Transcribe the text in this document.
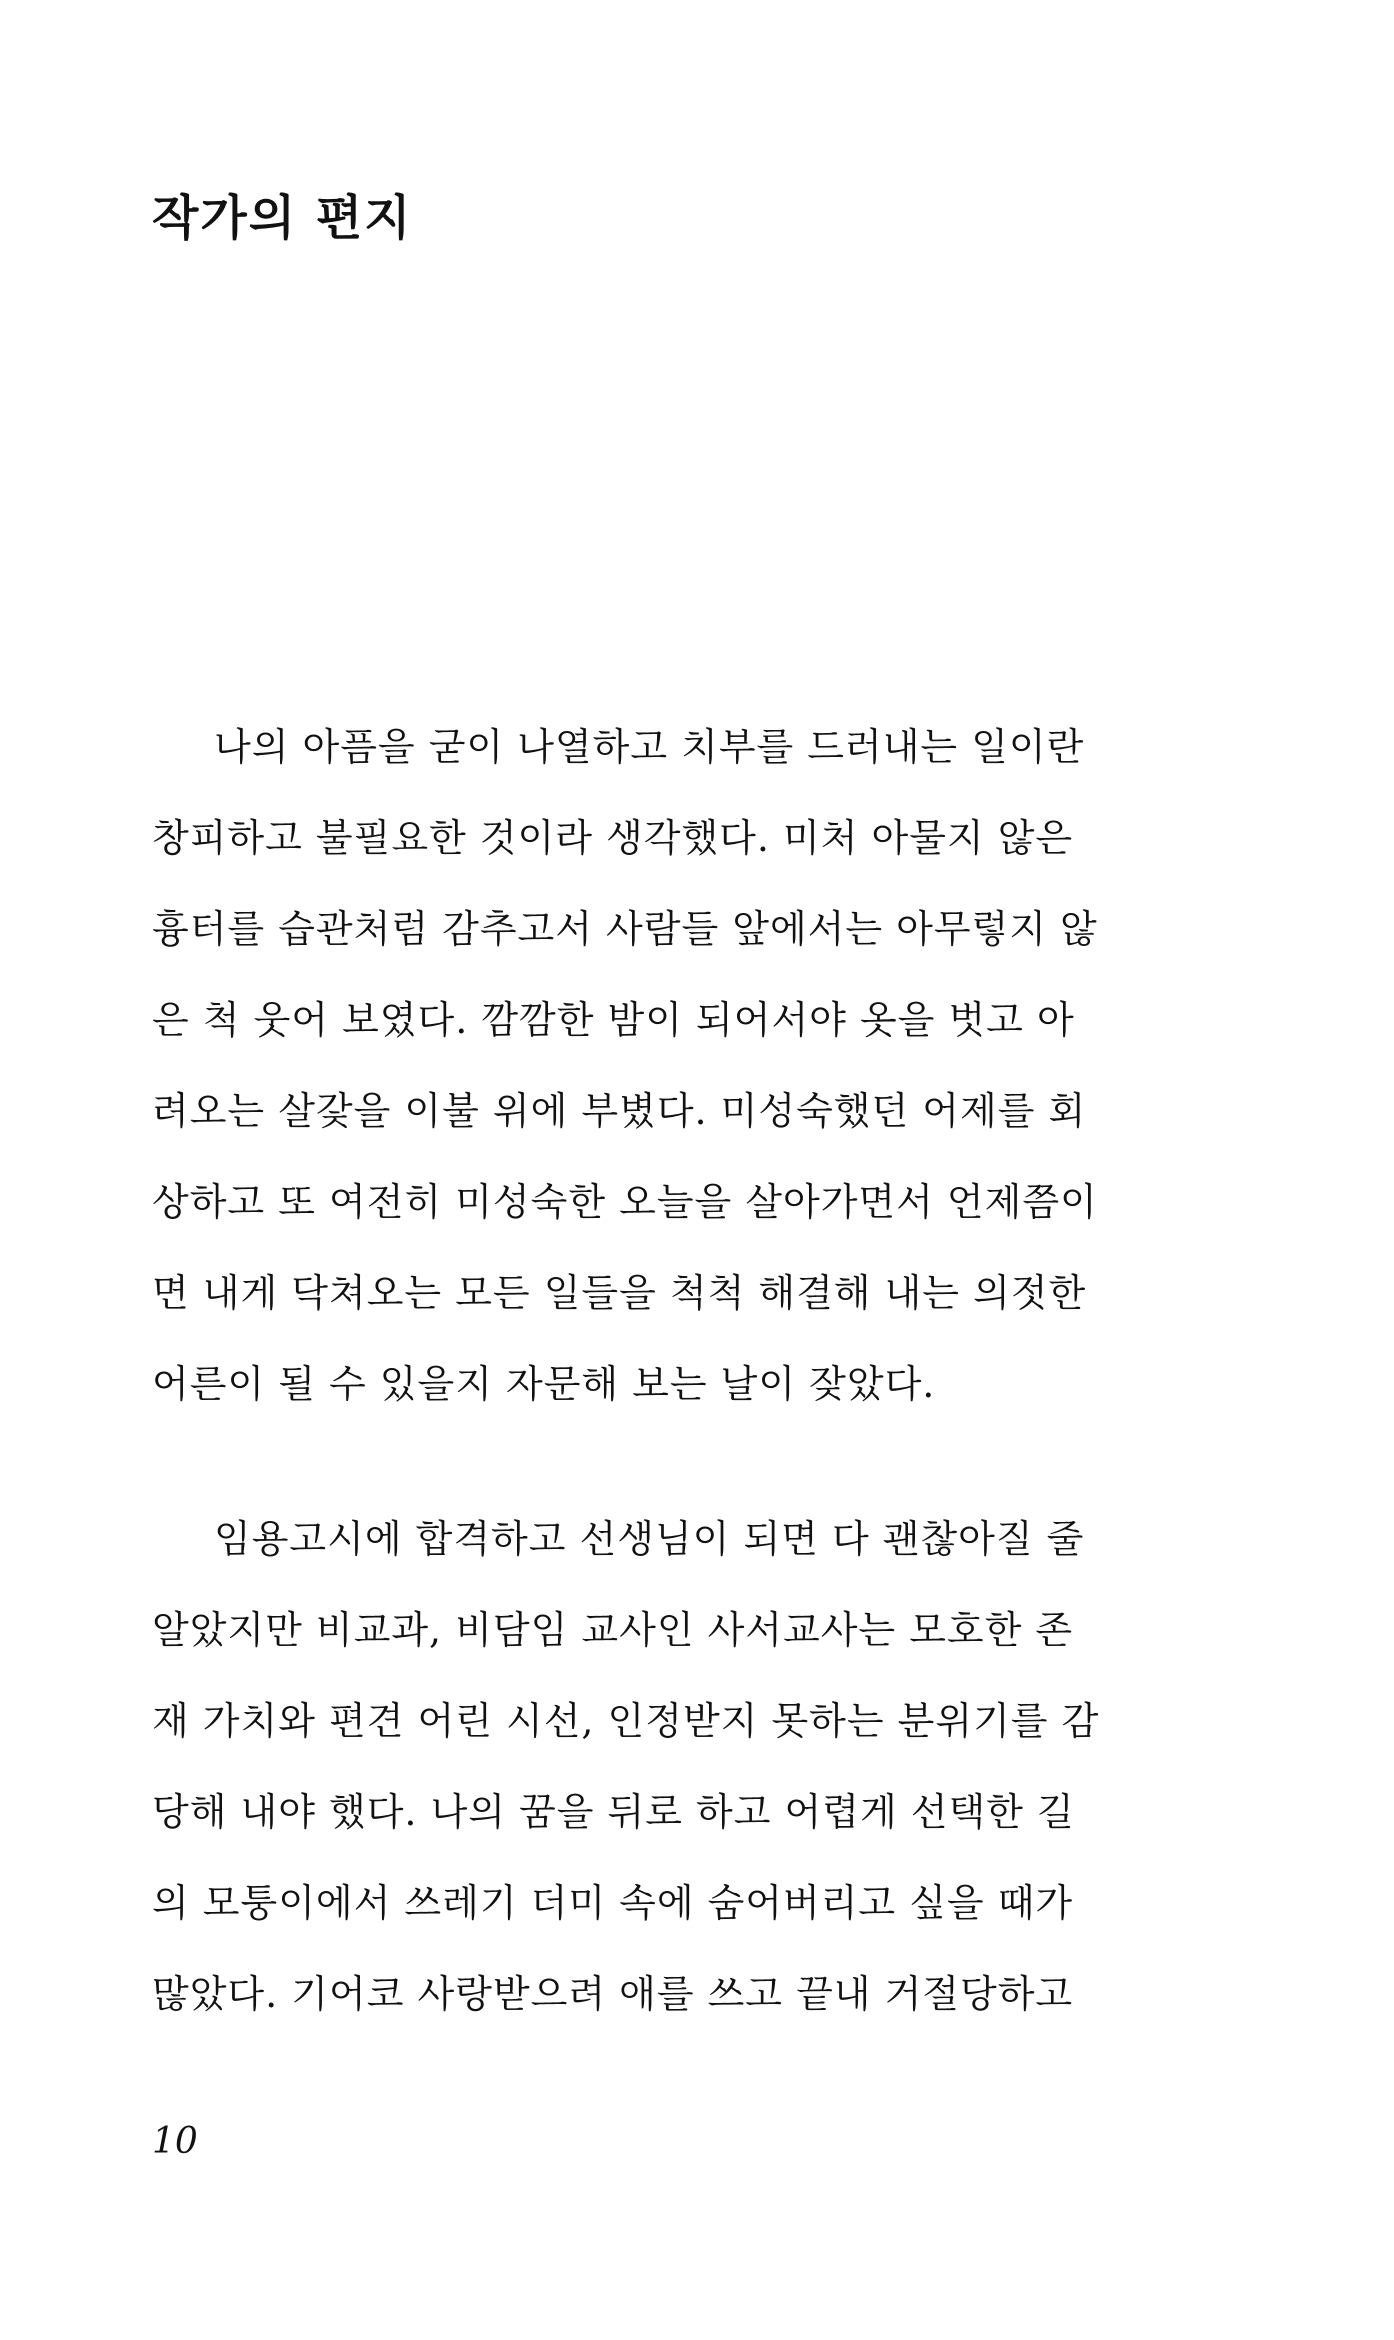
작가의 편지
나의 아픔을 굳이 나열하고 치부를 드러내는 일이란
창피하고 불필요한 것이라 생각했다. 미처 아물지 않은
흉터를 습관처럼 감추고서 사람들 앞에서는 아무렇지 않
은 척 웃어 보였다. 깜깜한 밤이 되어서야 옷을 벗고 아
려오는 살갗을 이불 위에 부볐다. 미성숙했던 어제를 회
상하고 또 여전히 미성숙한 오늘을 살아가면서 언제쯤이
면 내게 닥쳐오는 모든 일들을 척척 해결해 내는 의젓한
어른이 될 수 있을지 자문해 보는 날이 잦았다.
임용고시에 합격하고 선생님이 되면 다 괜찮아질 줄
알았지만 비교과, 비담임 교사인 사서교사는 모호한 존
재 가치와 편견 어린 시선, 인정받지 못하는 분위기를 감
당해 내야 했다. 나의 꿈을 뒤로 하고 어렵게 선택한 길
의 모퉁이에서 쓰레기 더미 속에 숨어버리고 싶을 때가
많았다. 기어코 사랑받으려 애를 쓰고 끝내 거절당하고
10
